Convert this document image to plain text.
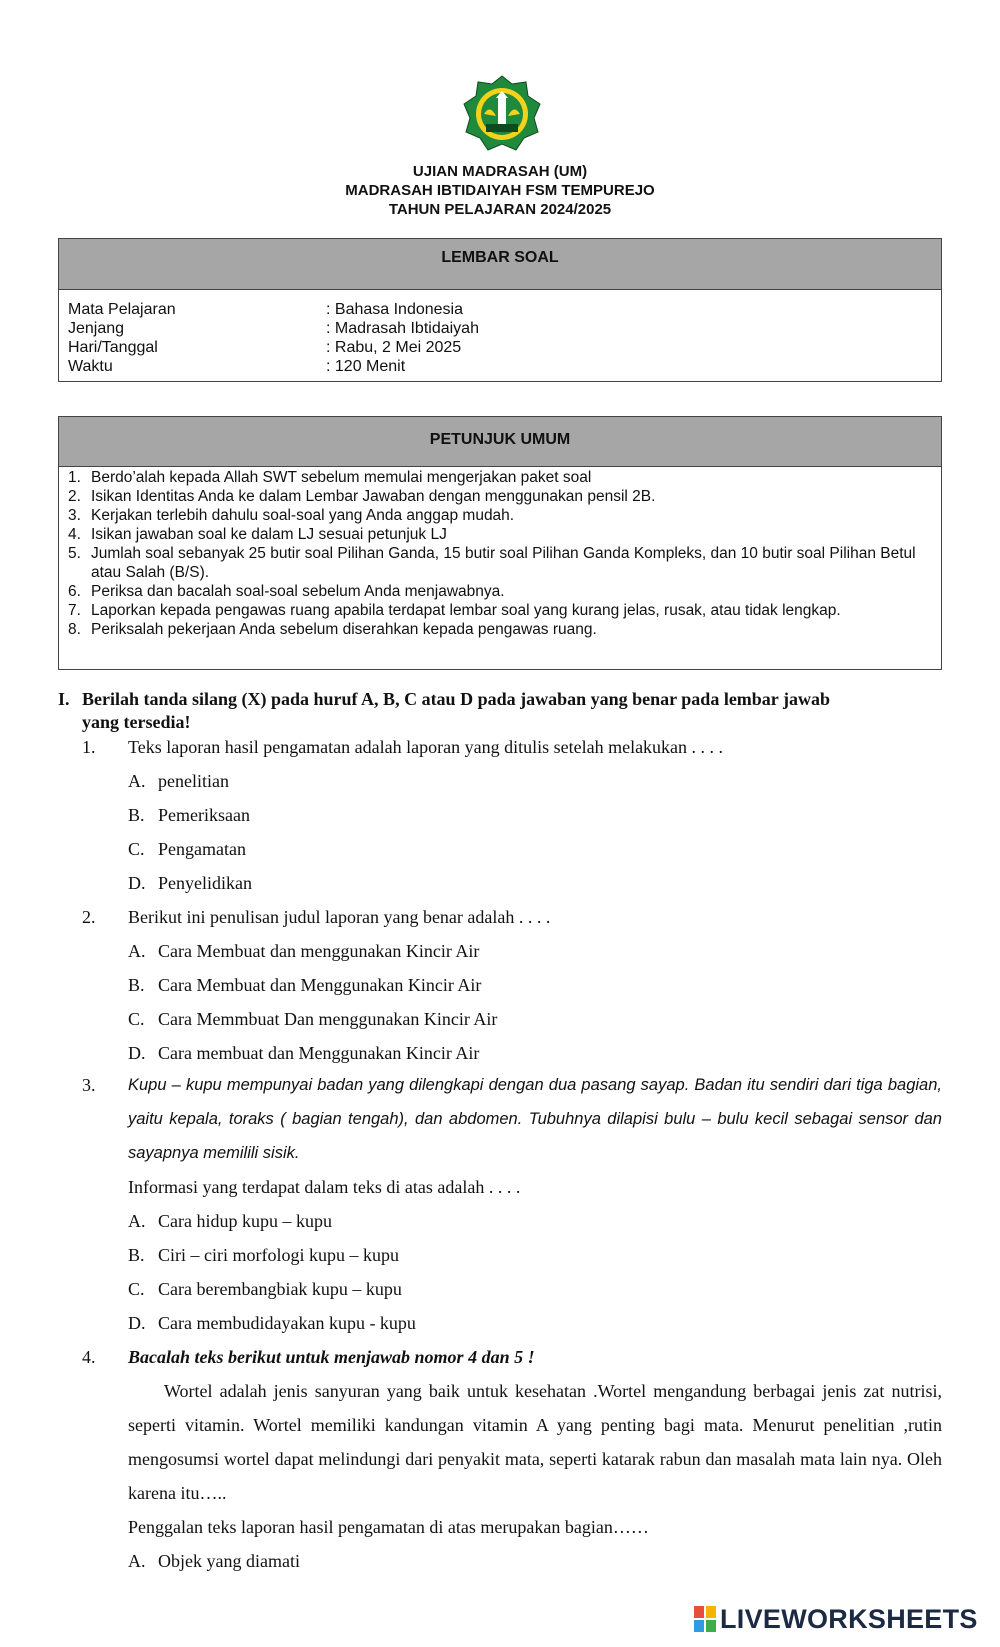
UJIAN MADRASAH (UM)
MADRASAH IBTIDAIYAH FSM TEMPUREJO
TAHUN PELAJARAN 2024/2025
LEMBAR SOAL
Mata Pelajaran	: Bahasa Indonesia
Jenjang	: Madrasah Ibtidaiyah
Hari/Tanggal	: Rabu, 2 Mei 2025
Waktu	: 120 Menit
PETUNJUK UMUM
1. Berdo’alah kepada Allah SWT sebelum memulai mengerjakan paket soal
2. Isikan Identitas Anda ke dalam Lembar Jawaban dengan menggunakan pensil 2B.
3. Kerjakan terlebih dahulu soal-soal yang Anda anggap mudah.
4. Isikan jawaban soal ke dalam LJ sesuai petunjuk LJ
5. Jumlah soal sebanyak 25 butir soal Pilihan Ganda, 15 butir soal Pilihan Ganda Kompleks, dan 10 butir soal Pilihan Betul atau Salah (B/S).
6. Periksa dan bacalah soal-soal sebelum Anda menjawabnya.
7. Laporkan kepada pengawas ruang apabila terdapat lembar soal yang kurang jelas, rusak, atau tidak lengkap.
8. Periksalah pekerjaan Anda sebelum diserahkan kepada pengawas ruang.
I. Berilah tanda silang (X) pada huruf A, B, C atau D pada jawaban yang benar pada lembar jawab
yang tersedia!
1.	Teks laporan hasil pengamatan adalah laporan yang ditulis setelah melakukan . . . .
A. penelitian
B. Pemeriksaan
C. Pengamatan
D. Penyelidikan
2.	Berikut ini penulisan judul laporan yang benar adalah . . . .
A. Cara Membuat dan menggunakan Kincir Air
B. Cara Membuat dan Menggunakan Kincir Air
C. Cara Memmbuat Dan menggunakan Kincir Air
D. Cara membuat dan Menggunakan Kincir Air
3.	Kupu – kupu mempunyai badan yang dilengkapi dengan dua pasang sayap. Badan itu sendiri dari tiga bagian, yaitu kepala, toraks ( bagian tengah), dan abdomen. Tubuhnya dilapisi bulu – bulu kecil sebagai sensor dan sayapnya memilili sisik.
Informasi yang terdapat dalam teks di atas adalah . . . .
A. Cara hidup kupu – kupu
B. Ciri – ciri morfologi kupu – kupu
C. Cara berembangbiak kupu – kupu
D. Cara membudidayakan kupu - kupu
4.	Bacalah teks berikut untuk menjawab nomor 4 dan 5 !
Wortel adalah jenis sanyuran yang baik untuk kesehatan .Wortel mengandung berbagai jenis zat nutrisi, seperti vitamin. Wortel memiliki kandungan vitamin A yang penting bagi mata. Menurut penelitian ,rutin mengosumsi wortel dapat melindungi dari penyakit mata, seperti katarak rabun dan masalah mata lain nya. Oleh karena itu…..
Penggalan teks laporan hasil pengamatan di atas merupakan bagian……
A. Objek yang diamati
LIVEWORKSHEETS
